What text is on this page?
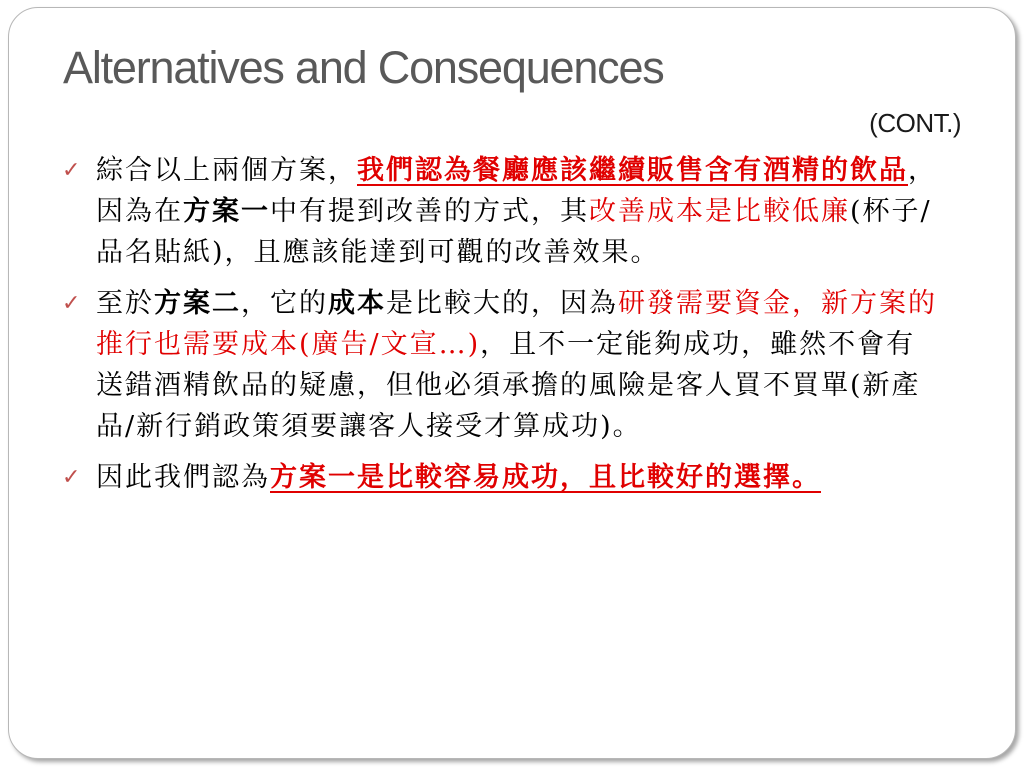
Alternatives and Consequences
(CONT.)
✓ 綜合以上兩個方案，我們認為餐廳應該繼續販售含有酒精的飲品，因為在方案一中有提到改善的方式，其改善成本是比較低廉(杯子/品名貼紙)，且應該能達到可觀的改善效果。
✓ 至於方案二，它的成本是比較大的，因為研發需要資金，新方案的推行也需要成本(廣告/文宣…)，且不一定能夠成功，雖然不會有送錯酒精飲品的疑慮，但他必須承擔的風險是客人買不買單(新產品/新行銷政策須要讓客人接受才算成功)。
✓ 因此我們認為方案一是比較容易成功，且比較好的選擇。
